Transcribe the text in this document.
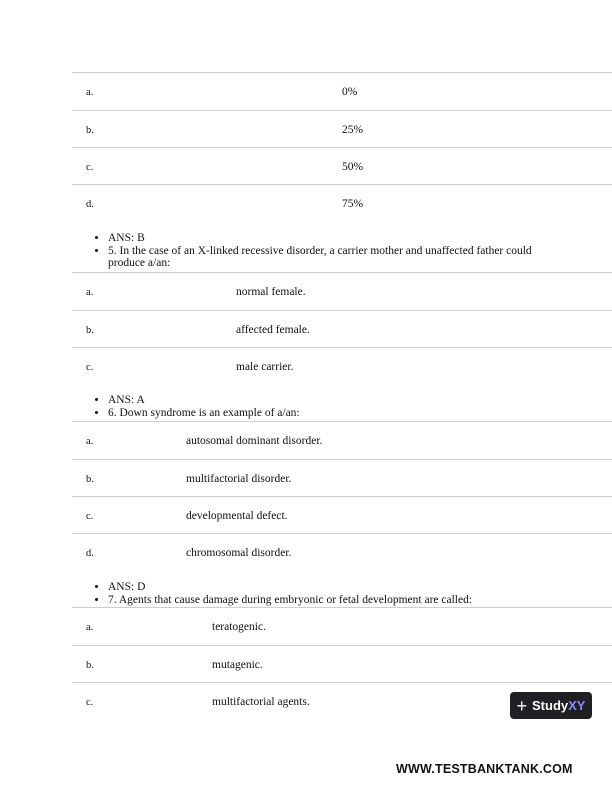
a.	0%
b.	25%
c.	50%
d.	75%
• ANS: B
• 5. In the case of an X-linked recessive disorder, a carrier mother and unaffected father could produce a/an:
a.	normal female.
b.	affected female.
c.	male carrier.
• ANS: A
• 6. Down syndrome is an example of a/an:
a.	autosomal dominant disorder.
b.	multifactorial disorder.
c.	developmental defect.
d.	chromosomal disorder.
• ANS: D
• 7. Agents that cause damage during embryonic or fetal development are called:
a.	teratogenic.
b.	mutagenic.
c.	multifactorial agents.	+ StudyXY
WWW.TESTBANKTANK.COM
